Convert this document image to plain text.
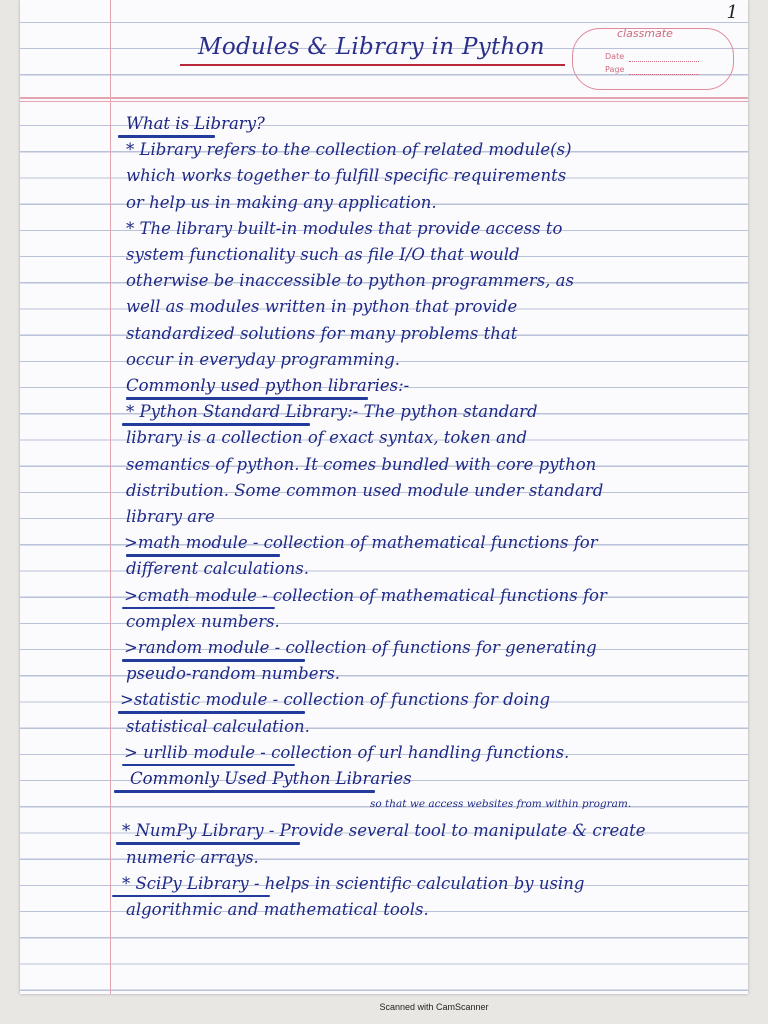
1
Modules & Library in Python
classmate
Date
Page
What is Library?
* Library refers to the collection of related module(s)
which works together to fulfill specific requirements
or help us in making any application.
* The library built-in modules that provide access to
system functionality such as file I/O that would
otherwise be inaccessible to python programmers, as
well as modules written in python that provide
standardized solutions for many problems that
occur in everyday programming.
Commonly used python libraries:-
* Python Standard Library:- The python standard
library is a collection of exact syntax, token and
semantics of python. It comes bundled with core python
distribution. Some common used module under standard
library are
>math module - collection of mathematical functions for
different calculations.
>cmath module - collection of mathematical functions for
complex numbers.
>random module - collection of functions for generating
pseudo-random numbers.
>statistic module - collection of functions for doing
statistical calculation.
> urllib module - collection of url handling functions.
Commonly Used Python Libraries
* NumPy Library - Provide several tool to manipulate & create
numeric arrays.
* SciPy Library - helps in scientific calculation by using
algorithmic and mathematical tools.
so that we access websites from within program.
Scanned with CamScanner
